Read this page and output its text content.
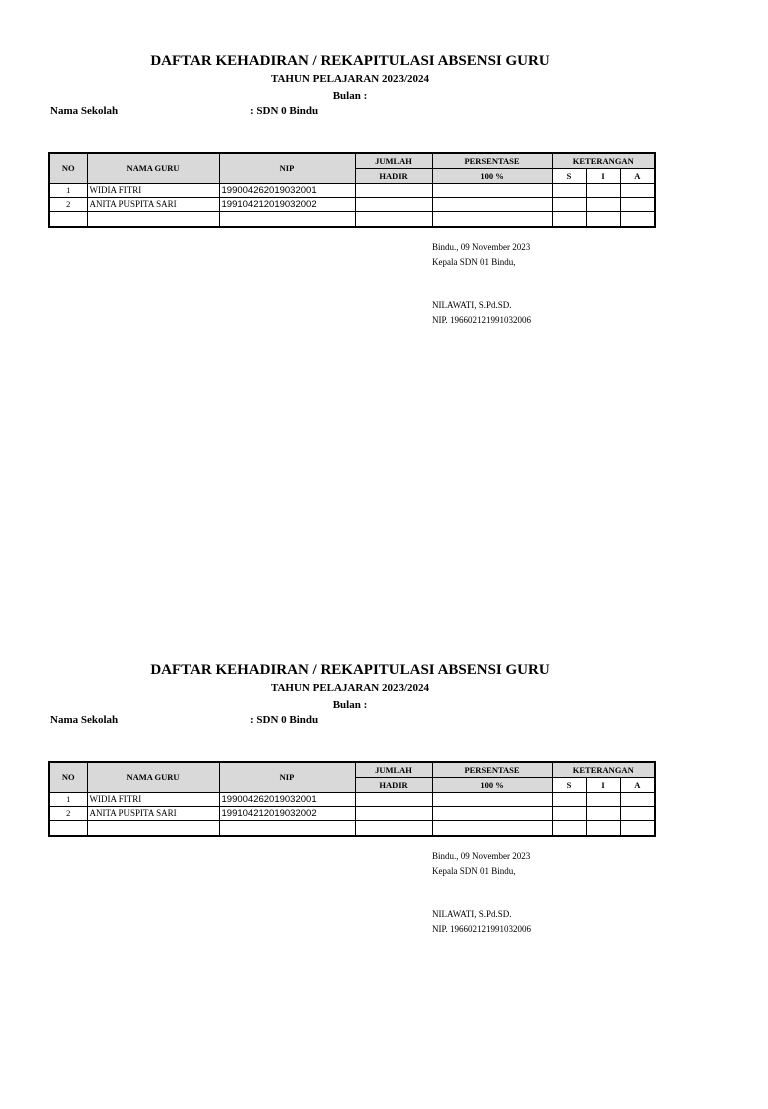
DAFTAR KEHADIRAN / REKAPITULASI ABSENSI GURU
TAHUN PELAJARAN 2023/2024
Bulan :
Nama Sekolah	: SDN 0 Bindu
NO	NAMA GURU	NIP	JUMLAH	PERSENTASE	KETERANGAN		
			HADIR	100 %	S	I	A
1	WIDIA FITRI	199004262019032001					
2	ANITA PUSPITA SARI	199104212019032002					

Bindu., 09 November 2023
Kepala SDN 01 Bindu,
NILAWATI, S.Pd.SD.
NIP. 196602121991032006
DAFTAR KEHADIRAN / REKAPITULASI ABSENSI GURU
TAHUN PELAJARAN 2023/2024
Bulan :
Nama Sekolah	: SDN 0 Bindu
NO	NAMA GURU	NIP	JUMLAH	PERSENTASE	KETERANGAN		
			HADIR	100 %	S	I	A
1	WIDIA FITRI	199004262019032001					
2	ANITA PUSPITA SARI	199104212019032002					

Bindu., 09 November 2023
Kepala SDN 01 Bindu,
NILAWATI, S.Pd.SD.
NIP. 196602121991032006
